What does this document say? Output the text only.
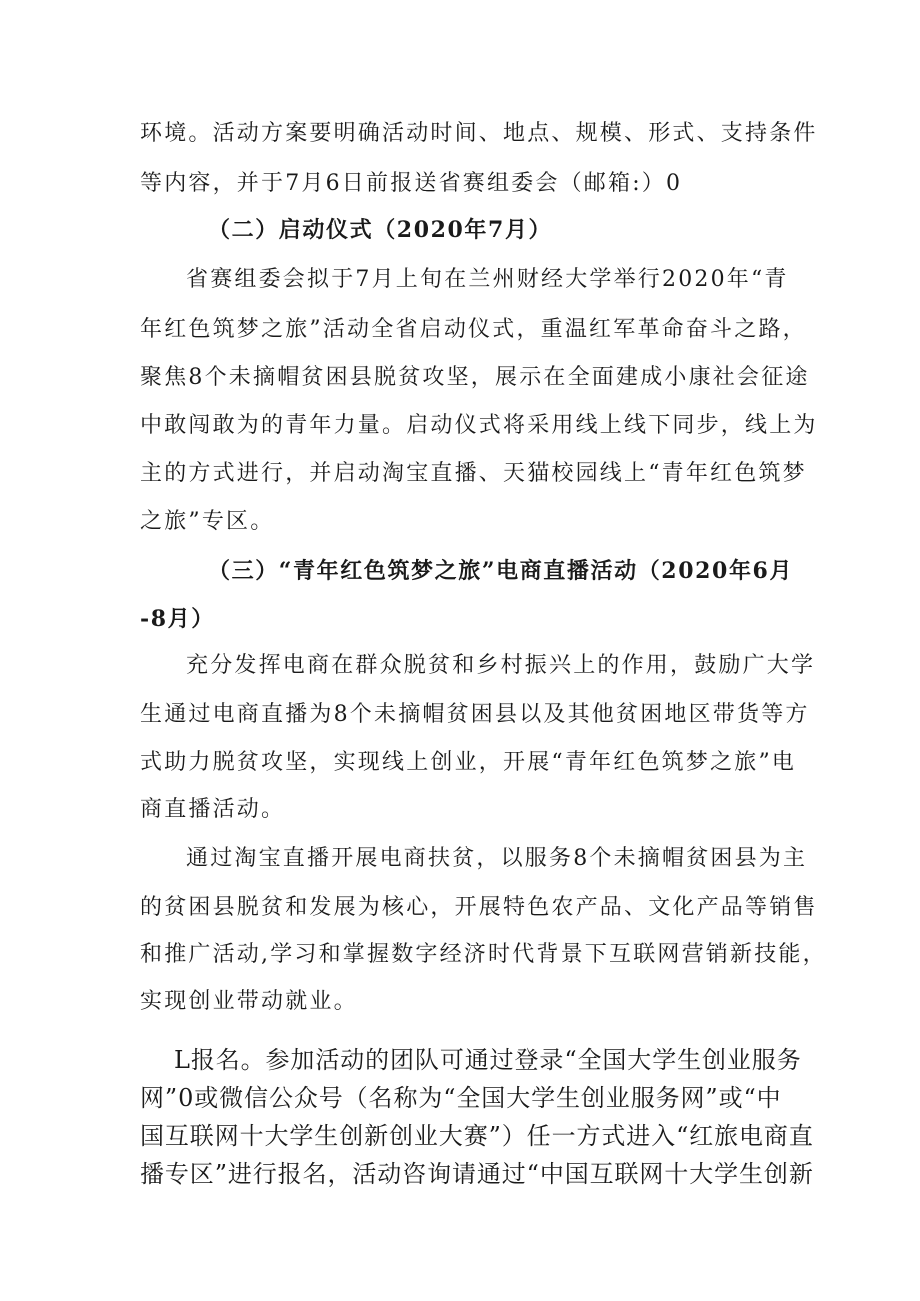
环境。活动方案要明确活动时间、地点、规模、形式、支持条件
等内容，并于7月6日前报送省赛组委会（邮箱:）0
（二）启动仪式（2020年7月）
省赛组委会拟于7月上旬在兰州财经大学举行2020年“青
年红色筑梦之旅”活动全省启动仪式，重温红军革命奋斗之路，
聚焦8个未摘帽贫困县脱贫攻坚，展示在全面建成小康社会征途
中敢闯敢为的青年力量。启动仪式将采用线上线下同步，线上为
主的方式进行，并启动淘宝直播、天猫校园线上“青年红色筑梦
之旅”专区。
（三）“青年红色筑梦之旅”电商直播活动（2020年6月
-8月）
充分发挥电商在群众脱贫和乡村振兴上的作用，鼓励广大学
生通过电商直播为8个未摘帽贫困县以及其他贫困地区带货等方
式助力脱贫攻坚，实现线上创业，开展“青年红色筑梦之旅”电
商直播活动。
通过淘宝直播开展电商扶贫，以服务8个未摘帽贫困县为主
的贫困县脱贫和发展为核心，开展特色农产品、文化产品等销售
和推广活动,学习和掌握数字经济时代背景下互联网营销新技能，
实现创业带动就业。
L报名。参加活动的团队可通过登录“全国大学生创业服务
网”0或微信公众号（名称为“全国大学生创业服务网”或“中
国互联网十大学生创新创业大赛”）任一方式进入“红旅电商直
播专区”进行报名，活动咨询请通过“中国互联网十大学生创新
